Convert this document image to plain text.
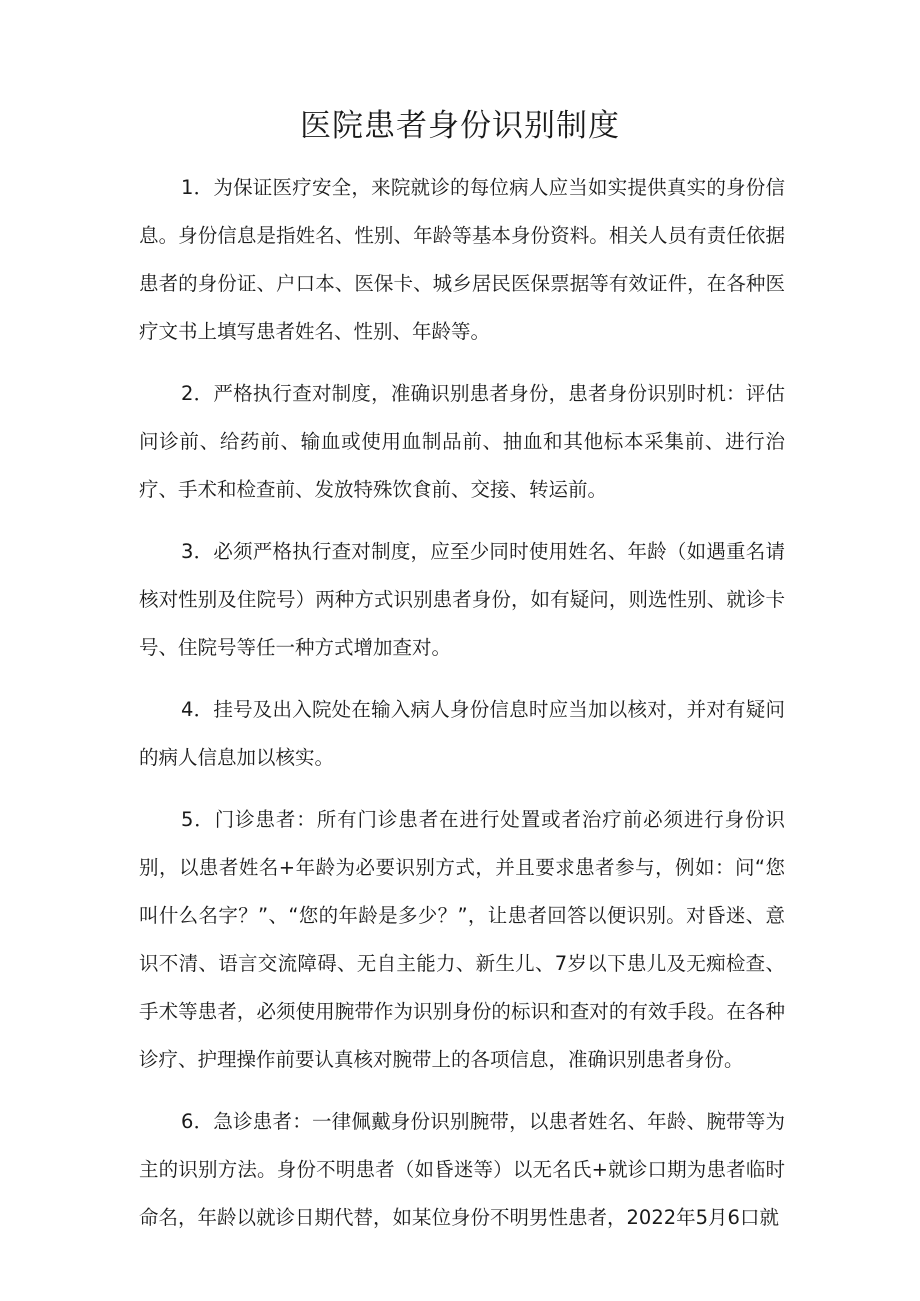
医院患者身份识别制度

1．为保证医疗安全，来院就诊的每位病人应当如实提供真实的身份信息。身份信息是指姓名、性别、年龄等基本身份资料。相关人员有责任依据患者的身份证、户口本、医保卡、城乡居民医保票据等有效证件，在各种医疗文书上填写患者姓名、性别、年龄等。

2．严格执行查对制度，准确识别患者身份，患者身份识别时机：评估问诊前、给药前、输血或使用血制品前、抽血和其他标本采集前、进行治疗、手术和检查前、发放特殊饮食前、交接、转运前。

3．必须严格执行查对制度，应至少同时使用姓名、年龄（如遇重名请核对性别及住院号）两种方式识别患者身份，如有疑问，则选性别、就诊卡号、住院号等任一种方式增加查对。

4．挂号及出入院处在输入病人身份信息时应当加以核对，并对有疑问的病人信息加以核实。

5．门诊患者：所有门诊患者在进行处置或者治疗前必须进行身份识别，以患者姓名+年龄为必要识别方式，并且要求患者参与，例如：问“您叫什么名字？”、“您的年龄是多少？”，让患者回答以便识别。对昏迷、意识不清、语言交流障碍、无自主能力、新生儿、7岁以下患儿及无痴检查、手术等患者，必须使用腕带作为识别身份的标识和查对的有效手段。在各种诊疗、护理操作前要认真核对腕带上的各项信息，准确识别患者身份。

6．急诊患者：一律佩戴身份识别腕带，以患者姓名、年龄、腕带等为主的识别方法。身份不明患者（如昏迷等）以无名氏+就诊口期为患者临时命名，年龄以就诊日期代替，如某位身份不明男性患者，2022年5月6口就
